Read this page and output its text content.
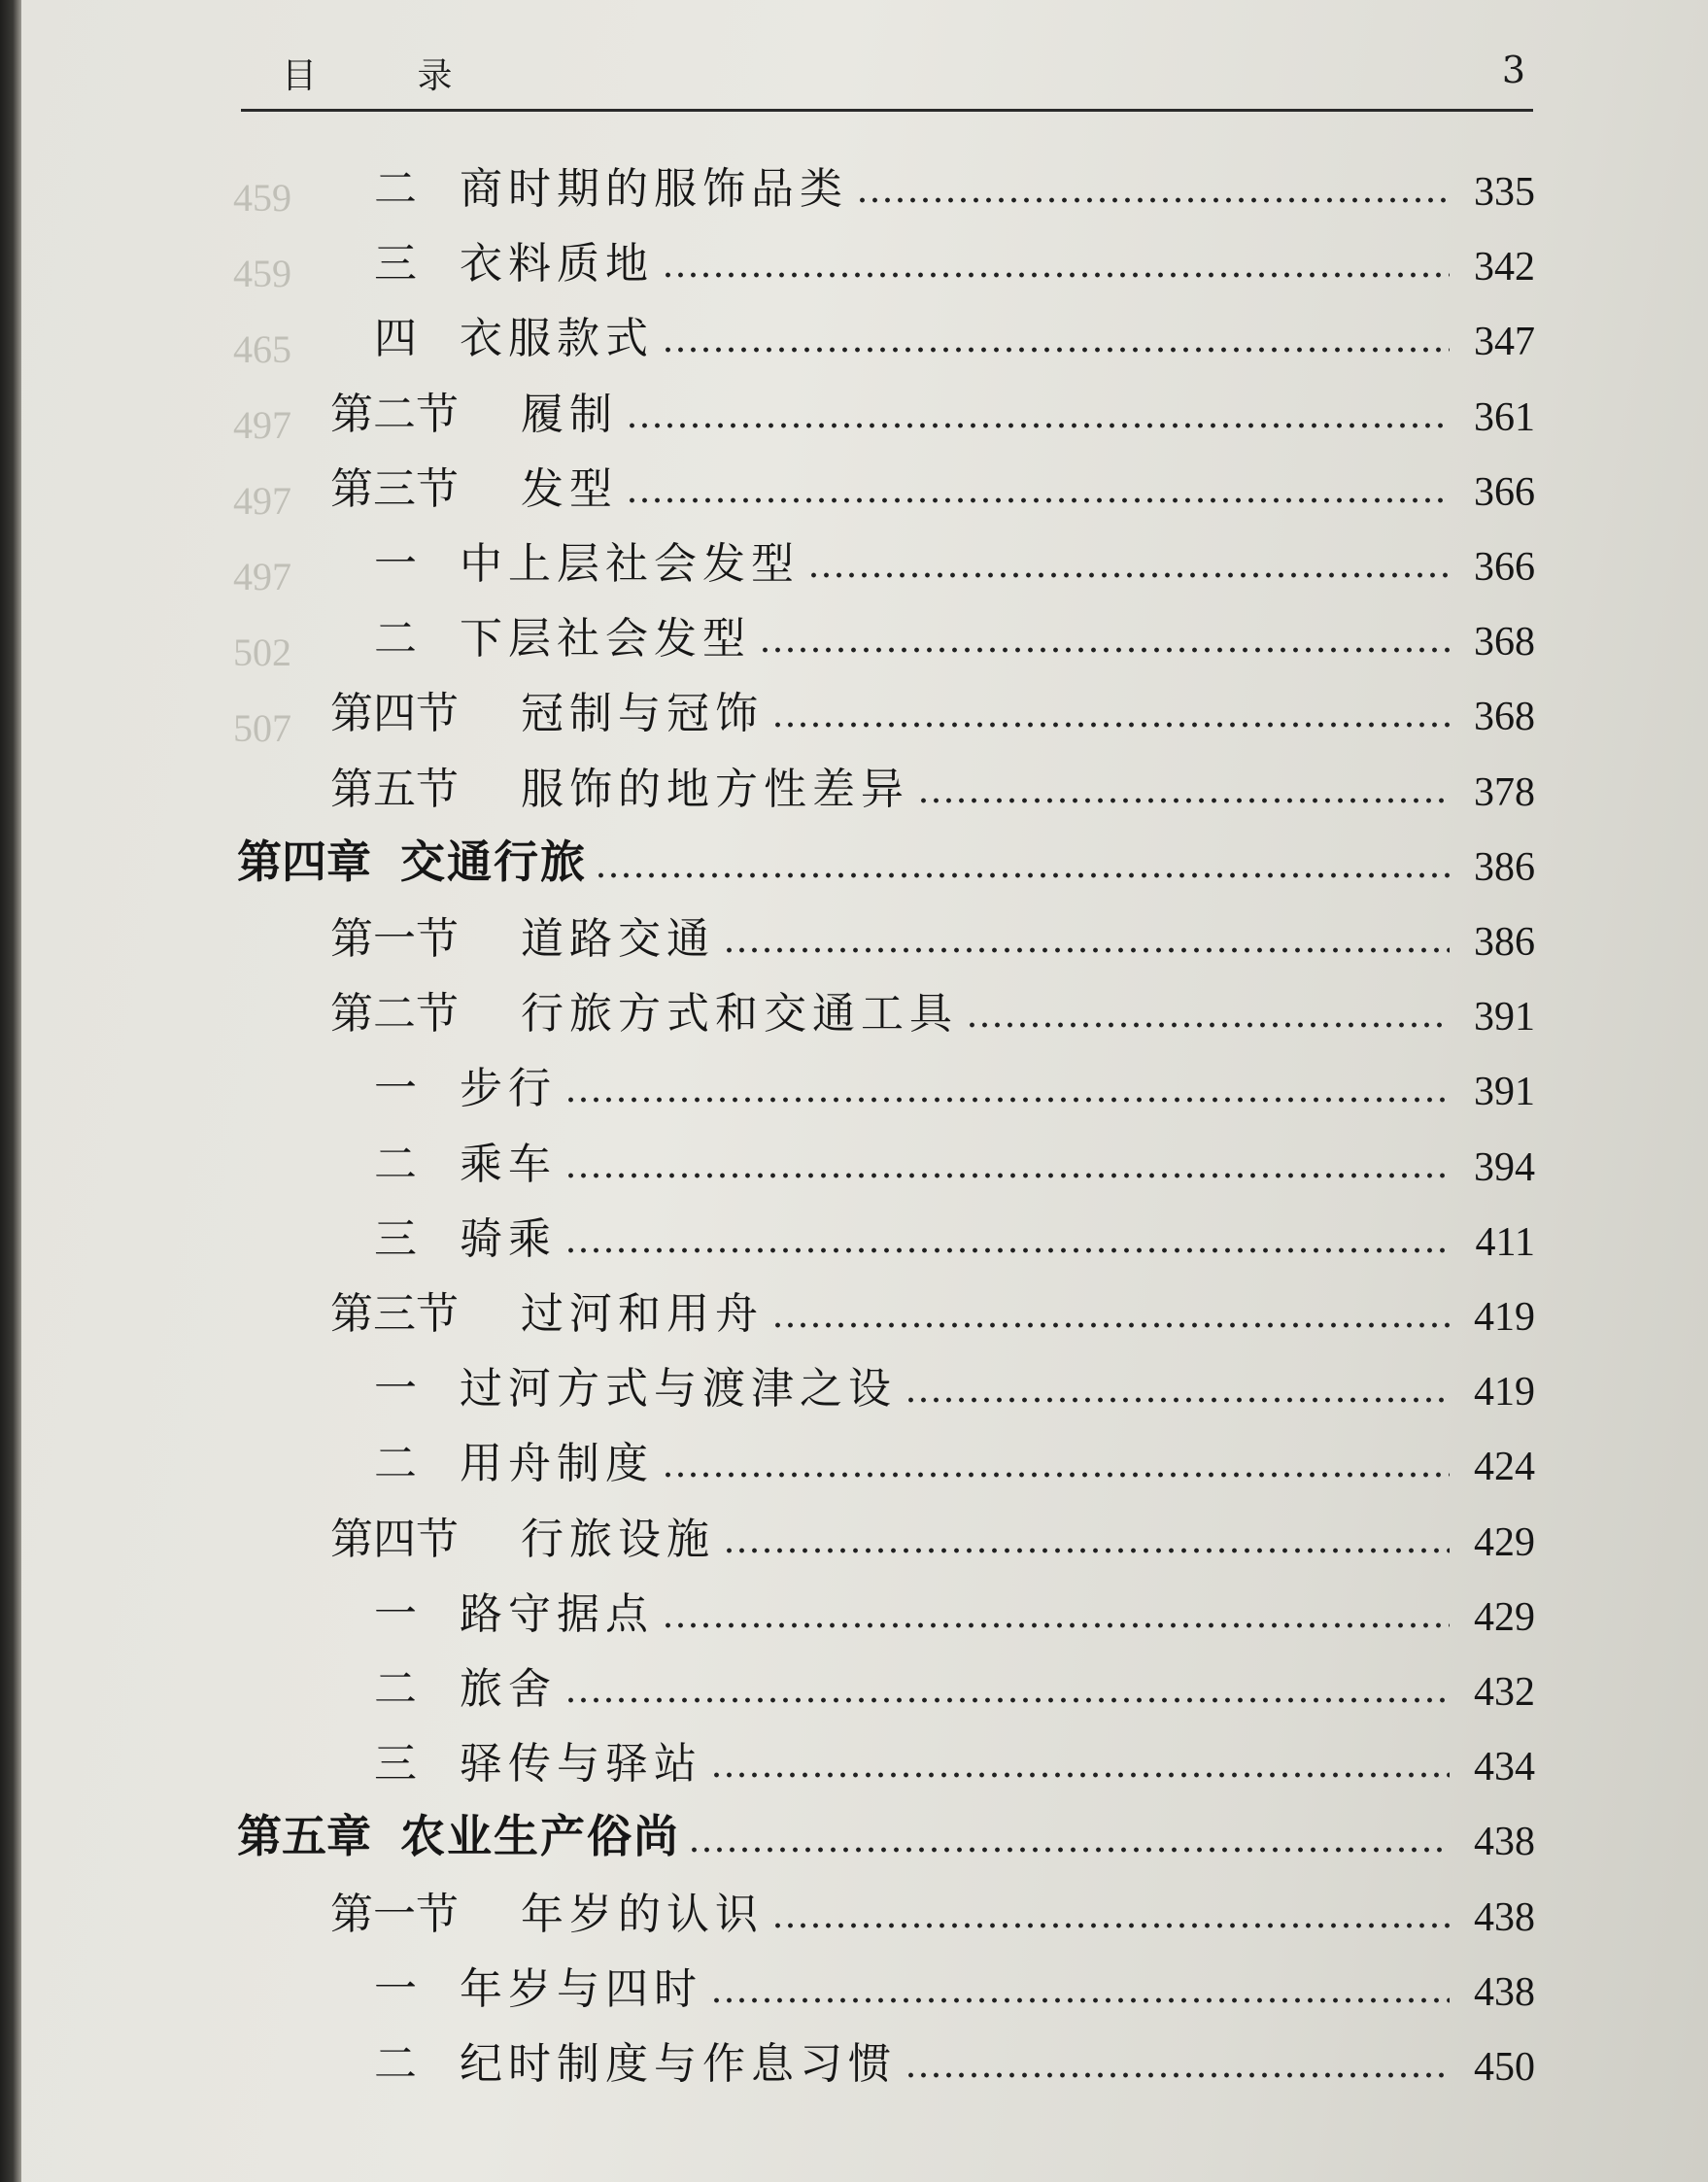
目 录	3
459
459
465
497
497
497
502
507
二	商时期的服饰品类	335
三	衣料质地	342
四	衣服款式	347
第二节	履制	361
第三节	发型	366
一	中上层社会发型	366
二	下层社会发型	368
第四节	冠制与冠饰	368
第五节	服饰的地方性差异	378
第四章 交通行旅	386
第一节	道路交通	386
第二节	行旅方式和交通工具	391
一	步行	391
二	乘车	394
三	骑乘	411
第三节	过河和用舟	419
一	过河方式与渡津之设	419
二	用舟制度	424
第四节	行旅设施	429
一	路守据点	429
二	旅舍	432
三	驿传与驿站	434
第五章 农业生产俗尚	438
第一节	年岁的认识	438
一	年岁与四时	438
二	纪时制度与作息习惯	450
